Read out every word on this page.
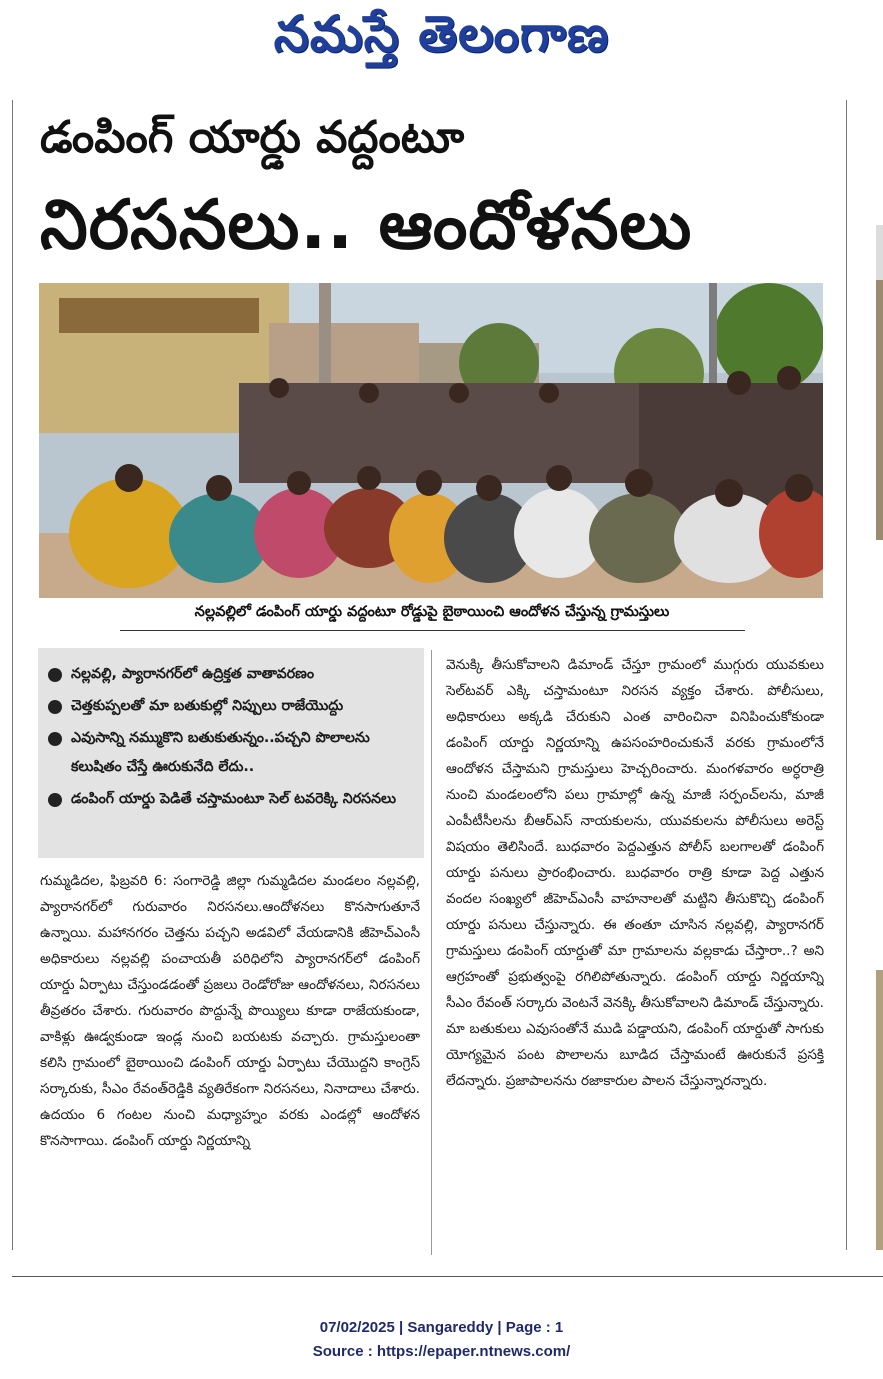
నమస్తే తెలంగాణ
డంపింగ్ యార్డు వద్దంటూ
నిరసనలు.. ఆందోళనలు
నల్లవల్లిలో డంపింగ్ యార్డు వద్దంటూ రోడ్డుపై బైఠాయించి ఆందోళన చేస్తున్న గ్రామస్తులు
నల్లవల్లి, ప్యారానగర్‌లో ఉద్రిక్తత వాతావరణం
చెత్తకుప్పలతో మా బతుకుల్లో నిప్పులు రాజేయొద్దు
ఎవుసాన్ని నమ్ముకొని బతుకుతున్నం..పచ్చని పొలాలను కలుషితం చేస్తే ఊరుకునేది లేదు..
డంపింగ్ యార్డు పెడితే చస్తామంటూ సెల్ టవరెక్కి నిరసనలు

గుమ్మడిదల, ఫిబ్రవరి 6: సంగారెడ్డి జిల్లా గుమ్మడిదల మండలం నల్లవల్లి, ప్యారానగర్‌లో గురువారం నిరసనలు.ఆందోళనలు కొనసాగుతూనే ఉన్నాయి. మహానగరం చెత్తను పచ్చని అడవిలో వేయడానికి జీహెచ్‌ఎంసీ అధికారులు నల్లవల్లి పంచాయతీ పరిధిలోని ప్యారానగర్‌లో డంపింగ్ యార్డు ఏర్పాటు చేస్తుండడంతో ప్రజలు రెండోరోజు ఆందోళనలు, నిరసనలు తీవ్రతరం చేశారు. గురువారం పొద్దున్నే పొయ్యిలు కూడా రాజేయకుండా, వాకిళ్లు ఊడ్వకుండా ఇండ్ల నుంచి బయటకు వచ్చారు. గ్రామస్తులంతా కలిసి గ్రామంలో బైఠాయించి డంపింగ్ యార్డు ఏర్పాటు చేయొద్దని కాంగ్రెస్ సర్కారుకు, సీఎం రేవంత్‌రెడ్డికి వ్యతిరేకంగా నిరసనలు, నినాదాలు చేశారు. ఉదయం 6 గంటల నుంచి మధ్యాహ్నం వరకు ఎండల్లో ఆందోళన కొనసాగాయి. డంపింగ్ యార్డు నిర్ణయాన్ని

వెనుక్కి తీసుకోవాలని డిమాండ్ చేస్తూ గ్రామంలో ముగ్గురు యువకులు సెల్‌టవర్ ఎక్కి చస్తామంటూ నిరసన వ్యక్తం చేశారు. పోలీసులు, అధికారులు అక్కడి చేరుకుని ఎంత వారించినా వినిపించుకోకుండా డంపింగ్ యార్డు నిర్ణయాన్ని ఉపసంహరించుకునే వరకు గ్రామంలోనే ఆందోళన చేస్తామని గ్రామస్తులు హెచ్చరించారు. మంగళవారం అర్ధరాత్రి నుంచి మండలంలోని పలు గ్రామాల్లో ఉన్న మాజీ సర్పంచ్‌లను, మాజీ ఎంపీటీసీలను బీఆర్‌ఎస్ నాయకులను, యువకులను పోలీసులు అరెస్ట్ విషయం తెలిసిందే. బుధవారం పెద్దఎత్తున పోలీస్ బలగాలతో డంపింగ్ యార్డు పనులు ప్రారంభించారు. బుధవారం రాత్రి కూడా పెద్ద ఎత్తున వందల సంఖ్యలో జీహెచ్‌ఎంసీ వాహనాలతో మట్టిని తీసుకొచ్చి డంపింగ్ యార్డు పనులు చేస్తున్నారు. ఈ తంతూ చూసిన నల్లవల్లి, ప్యారానగర్ గ్రామస్తులు డంపింగ్ యార్డుతో మా గ్రామాలను వల్లకాడు చేస్తారా..? అని ఆగ్రహంతో ప్రభుత్వంపై రగిలిపోతున్నారు. డంపింగ్ యార్డు నిర్ణయాన్ని సీఎం రేవంత్ సర్కారు వెంటనే వెనక్కి తీసుకోవాలని డిమాండ్ చేస్తున్నారు. మా బతుకులు ఎవుసంతోనే ముడి పడ్డాయని, డంపింగ్ యార్డుతో సాగుకు యోగ్యమైన పంట పొలాలను బూడిద చేస్తామంటే ఊరుకునే ప్రసక్తి లేదన్నారు. ప్రజాపాలనను రజాకారుల పాలన చేస్తున్నారన్నారు.

07/02/2025 | Sangareddy | Page : 1
Source : https://epaper.ntnews.com/
